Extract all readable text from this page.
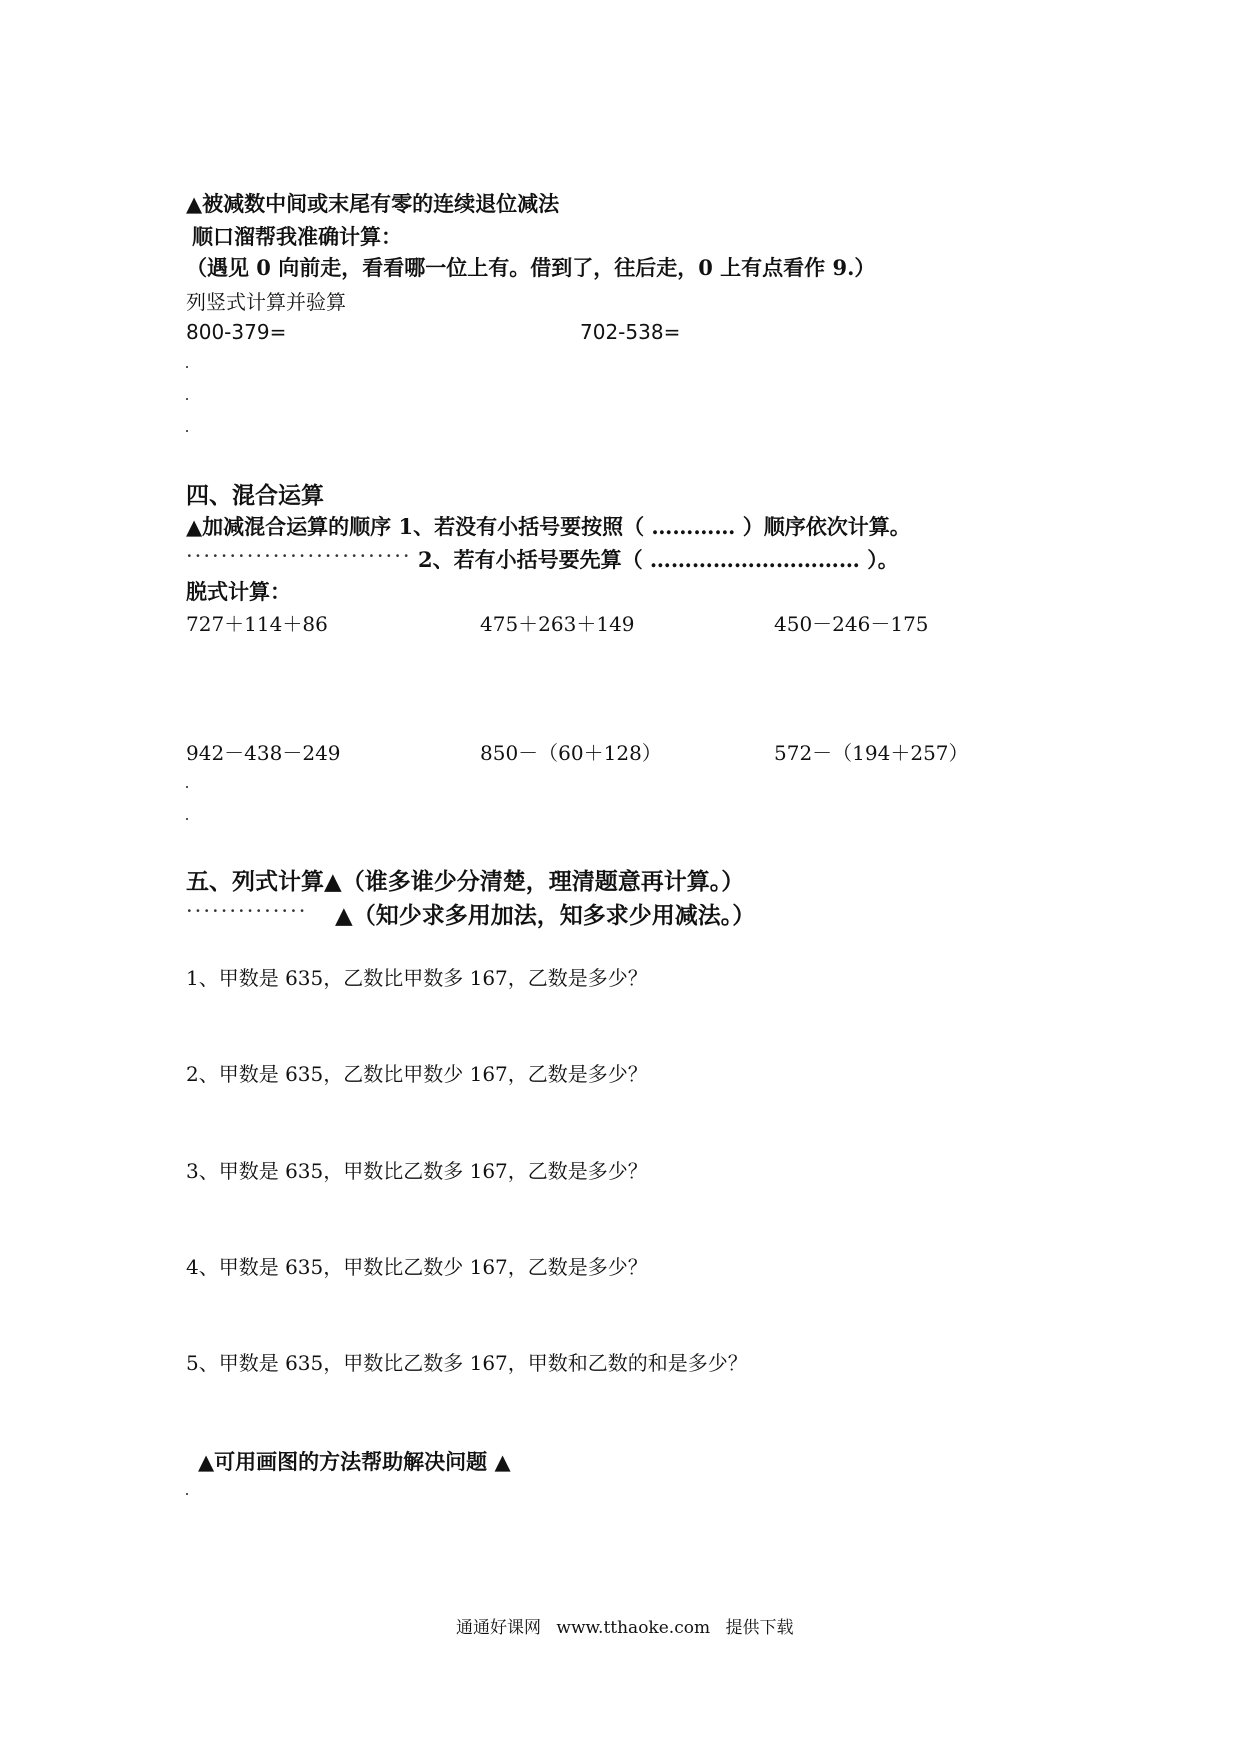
▲被减数中间或末尾有零的连续退位减法
顺口溜帮我准确计算：
（遇见 0 向前走，看看哪一位上有。借到了，往后走，0 上有点看作 9.）
列竖式计算并验算
800-379=	702-538=
四、混合运算
▲加减混合运算的顺序 1、若没有小括号要按照（ ………… ）顺序依次计算。
·························· 2、若有小括号要先算（ ………………………… ）。
脱式计算：
727＋114＋86	475＋263＋149	450－246－175
942－438－249	850－（60＋128）	572－（194＋257）
五、列式计算▲（谁多谁少分清楚，理清题意再计算。）
·············· ▲（知少求多用加法，知多求少用减法。）
1、甲数是 635，乙数比甲数多 167，乙数是多少？
2、甲数是 635，乙数比甲数少 167，乙数是多少？
3、甲数是 635，甲数比乙数多 167，乙数是多少？
4、甲数是 635，甲数比乙数少 167，乙数是多少？
5、甲数是 635，甲数比乙数多 167，甲数和乙数的和是多少？
▲可用画图的方法帮助解决问题 ▲
通通好课网 www.tthaoke.com 提供下载
